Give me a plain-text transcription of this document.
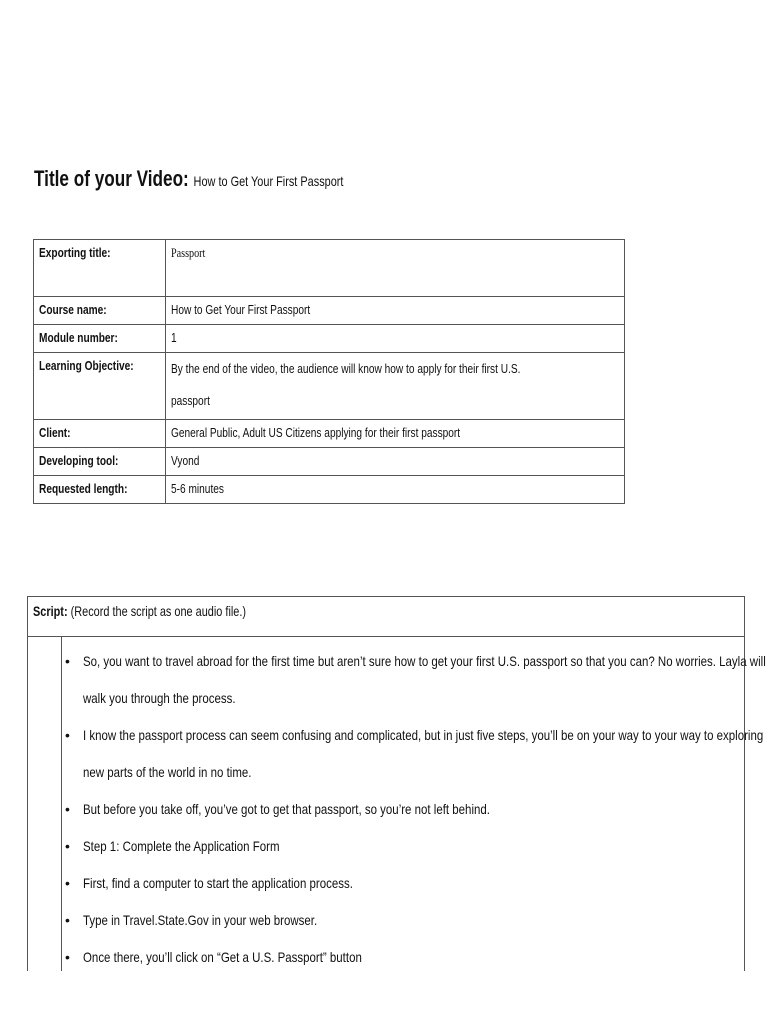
Title of your Video: How to Get Your First Passport
Exporting title:	Passport
Course name:	How to Get Your First Passport
Module number:	1
Learning Objective:	By the end of the video, the audience will know how to apply for their first U.S.
passport
Client:	General Public, Adult US Citizens applying for their first passport
Developing tool:	Vyond
Requested length:	5-6 minutes
Script: (Record the script as one audio file.)
• So, you want to travel abroad for the first time but aren’t sure how to get your first U.S. passport so that you can? No worries. Layla will
walk you through the process.
• I know the passport process can seem confusing and complicated, but in just five steps, you’ll be on your way to your way to exploring
new parts of the world in no time.
• But before you take off, you’ve got to get that passport, so you’re not left behind.
• Step 1: Complete the Application Form
• First, find a computer to start the application process.
• Type in Travel.State.Gov in your web browser.
• Once there, you’ll click on “Get a U.S. Passport” button
